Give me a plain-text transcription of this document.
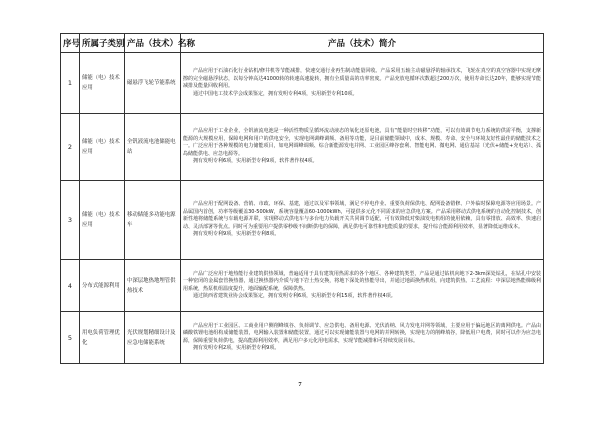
序号	所属子类别	产品（技术）名称	产品（技术）简介
1	储能（电）技术应用	磁悬浮飞轮节能系统	产品应用于石油石化行业钻机/修井机等节能减排，快速交通行业再生制动能量回收。产品采用五轴主动磁悬浮的轴承技术，飞轮在真空的真空容器中实现无摩擦的完全磁悬浮状态，以每分钟高达41000转的转速高速旋转，拥有全质量高的功率密度。产品充放电循环次数超过200万次，使用寿命长达20年，能够实现节能减排及能量回收利用。

通过中国电工技术学会成果鉴定，拥有发明专利4项，实用新型专利10项。

2	储能（电）技术应用	全钒液流电池储能电站	产品应用于工业企业，全钒液流电池是一种活性物质呈循环流动液态的氧化还原电池，具有“能量时空转移”功能，可以有效调节电力系统的供需平衡，支撑新能源的大规模应用，保障电网和用户的供电安全，实现电网调峰调频、备用等功能，是目前储能领域中，成本、规模、寿命、安全与环境友好性最佳的储能技术之一。广泛应用于各种规模的电力储能项目，如电网调峰调频、综合新能源发电并网、工业园区峰谷套利、智能电网、微电网、通信基站（光伏+储能+充电站）、孤岛储能供电、应急电源等。

拥有发明专利6项，实用新型专利9项，软件著作权4项。

3	储能（电）技术应用	移动储能多功能电源车	产品应用于配网设备、营销、市政、环保、基建，通过以及军事领域，满足不停电作业、重要负荷保供电、配网设备错修、户外临时保障电源等应用场景。产品属国内首创，功率等级覆盖30-500kW，系统容量覆盖60-1000kWh，可提供多元化不同需求的应急供电方案。产品采用移动式供电系统的自动化控制技术，创新性地将储能系统与车载电源并联，实现移动式供电车与多台电力负载开关共同调节适配，可有效降低对柴油发电机组的使用依赖，具有零排放、高效率、快速启动、灵活部署等优点。同时可为重要用户提供零秒级不间断供电的保障，满足供电可靠性和电能质量的要求，提升综合能源利用效率，显著降低运维成本。

拥有发明专利9项，实用新型专利8项。

4	分布式能源利用	中深层地热地埋管供热技术	产品广泛应用于地热能行业建筑供热领域，普遍适用于具有建筑用热需求的各个地区、各种建筑类型，产品是通过钻机向地下2-3km深处钻孔，在钻孔中安装一种密闭的金属套管换热器，通过换热器内介质与地下岩土热交换，将地下深处的热能导出，并通过地面换热机组，向建筑供热。工艺流程：中深层地热能梯级利用系统，热泵机组温度提升，地面输配系统，保障供热。

通过陕西省建筑业协会成果鉴定，拥有发明专利6项，实用新型专利15项，软件著作权4项。

5	用电负荷管理优化	光伏规划精细设计及应急电储能系统	产品应用于工业园区、工商业用户侧削峰填谷、负荷调节、应急供电、备用电源、光伏消纳、风力发电并网等领域，主要应用于偏远地区的离网供电。产品由磷酸铁锂电池组构成储能装置，电网输入装置和储能装置，通过可以实现储能装置与电网的并网转换，实现电力的削峰填谷，降低用户电费，同时可以作为应急电源，保障重要负荷供电，提高能源利用效率，满足用户多元化用电需求，实现节能减排和可持续发展目标。

拥有发明专利2项，实用新型专利9项。

7
